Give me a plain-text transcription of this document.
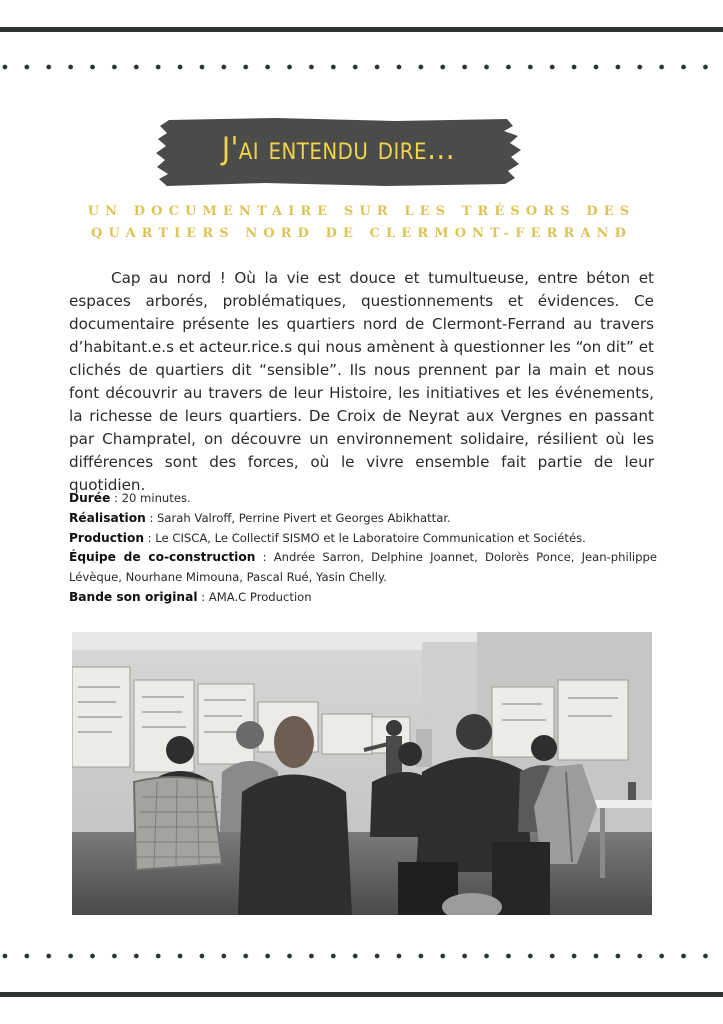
J'ai entendu dire...
UN DOCUMENTAIRE SUR LES TRÉSORS DES
QUARTIERS NORD DE CLERMONT-FERRAND

Cap au nord ! Où la vie est douce et tumultueuse, entre béton et espaces arborés, problématiques, questionnements et évidences. Ce documentaire présente les quartiers nord de Clermont-Ferrand au travers d’habitant.e.s et acteur.rice.s qui nous amènent à questionner les “on dit” et clichés de quartiers dit “sensible”. Ils nous prennent par la main et nous font découvrir au travers de leur Histoire, les initiatives et les événements, la richesse de leurs quartiers. De Croix de Neyrat aux Vergnes en passant par Champratel, on découvre un environnement solidaire, résilient où les différences sont des forces, où le vivre ensemble fait partie de leur quotidien.

Durée : 20 minutes.
Réalisation : Sarah Valroff, Perrine Pivert et Georges Abikhattar.
Production : Le CISCA, Le Collectif SISMO et le Laboratoire Communication et Sociétés.
Équipe de co-construction : Andrée Sarron, Delphine Joannet, Dolorès Ponce, Jean-philippe Lévèque, Nourhane Mimouna, Pascal Rué, Yasin Chelly.
Bande son original : AMA.C Production
